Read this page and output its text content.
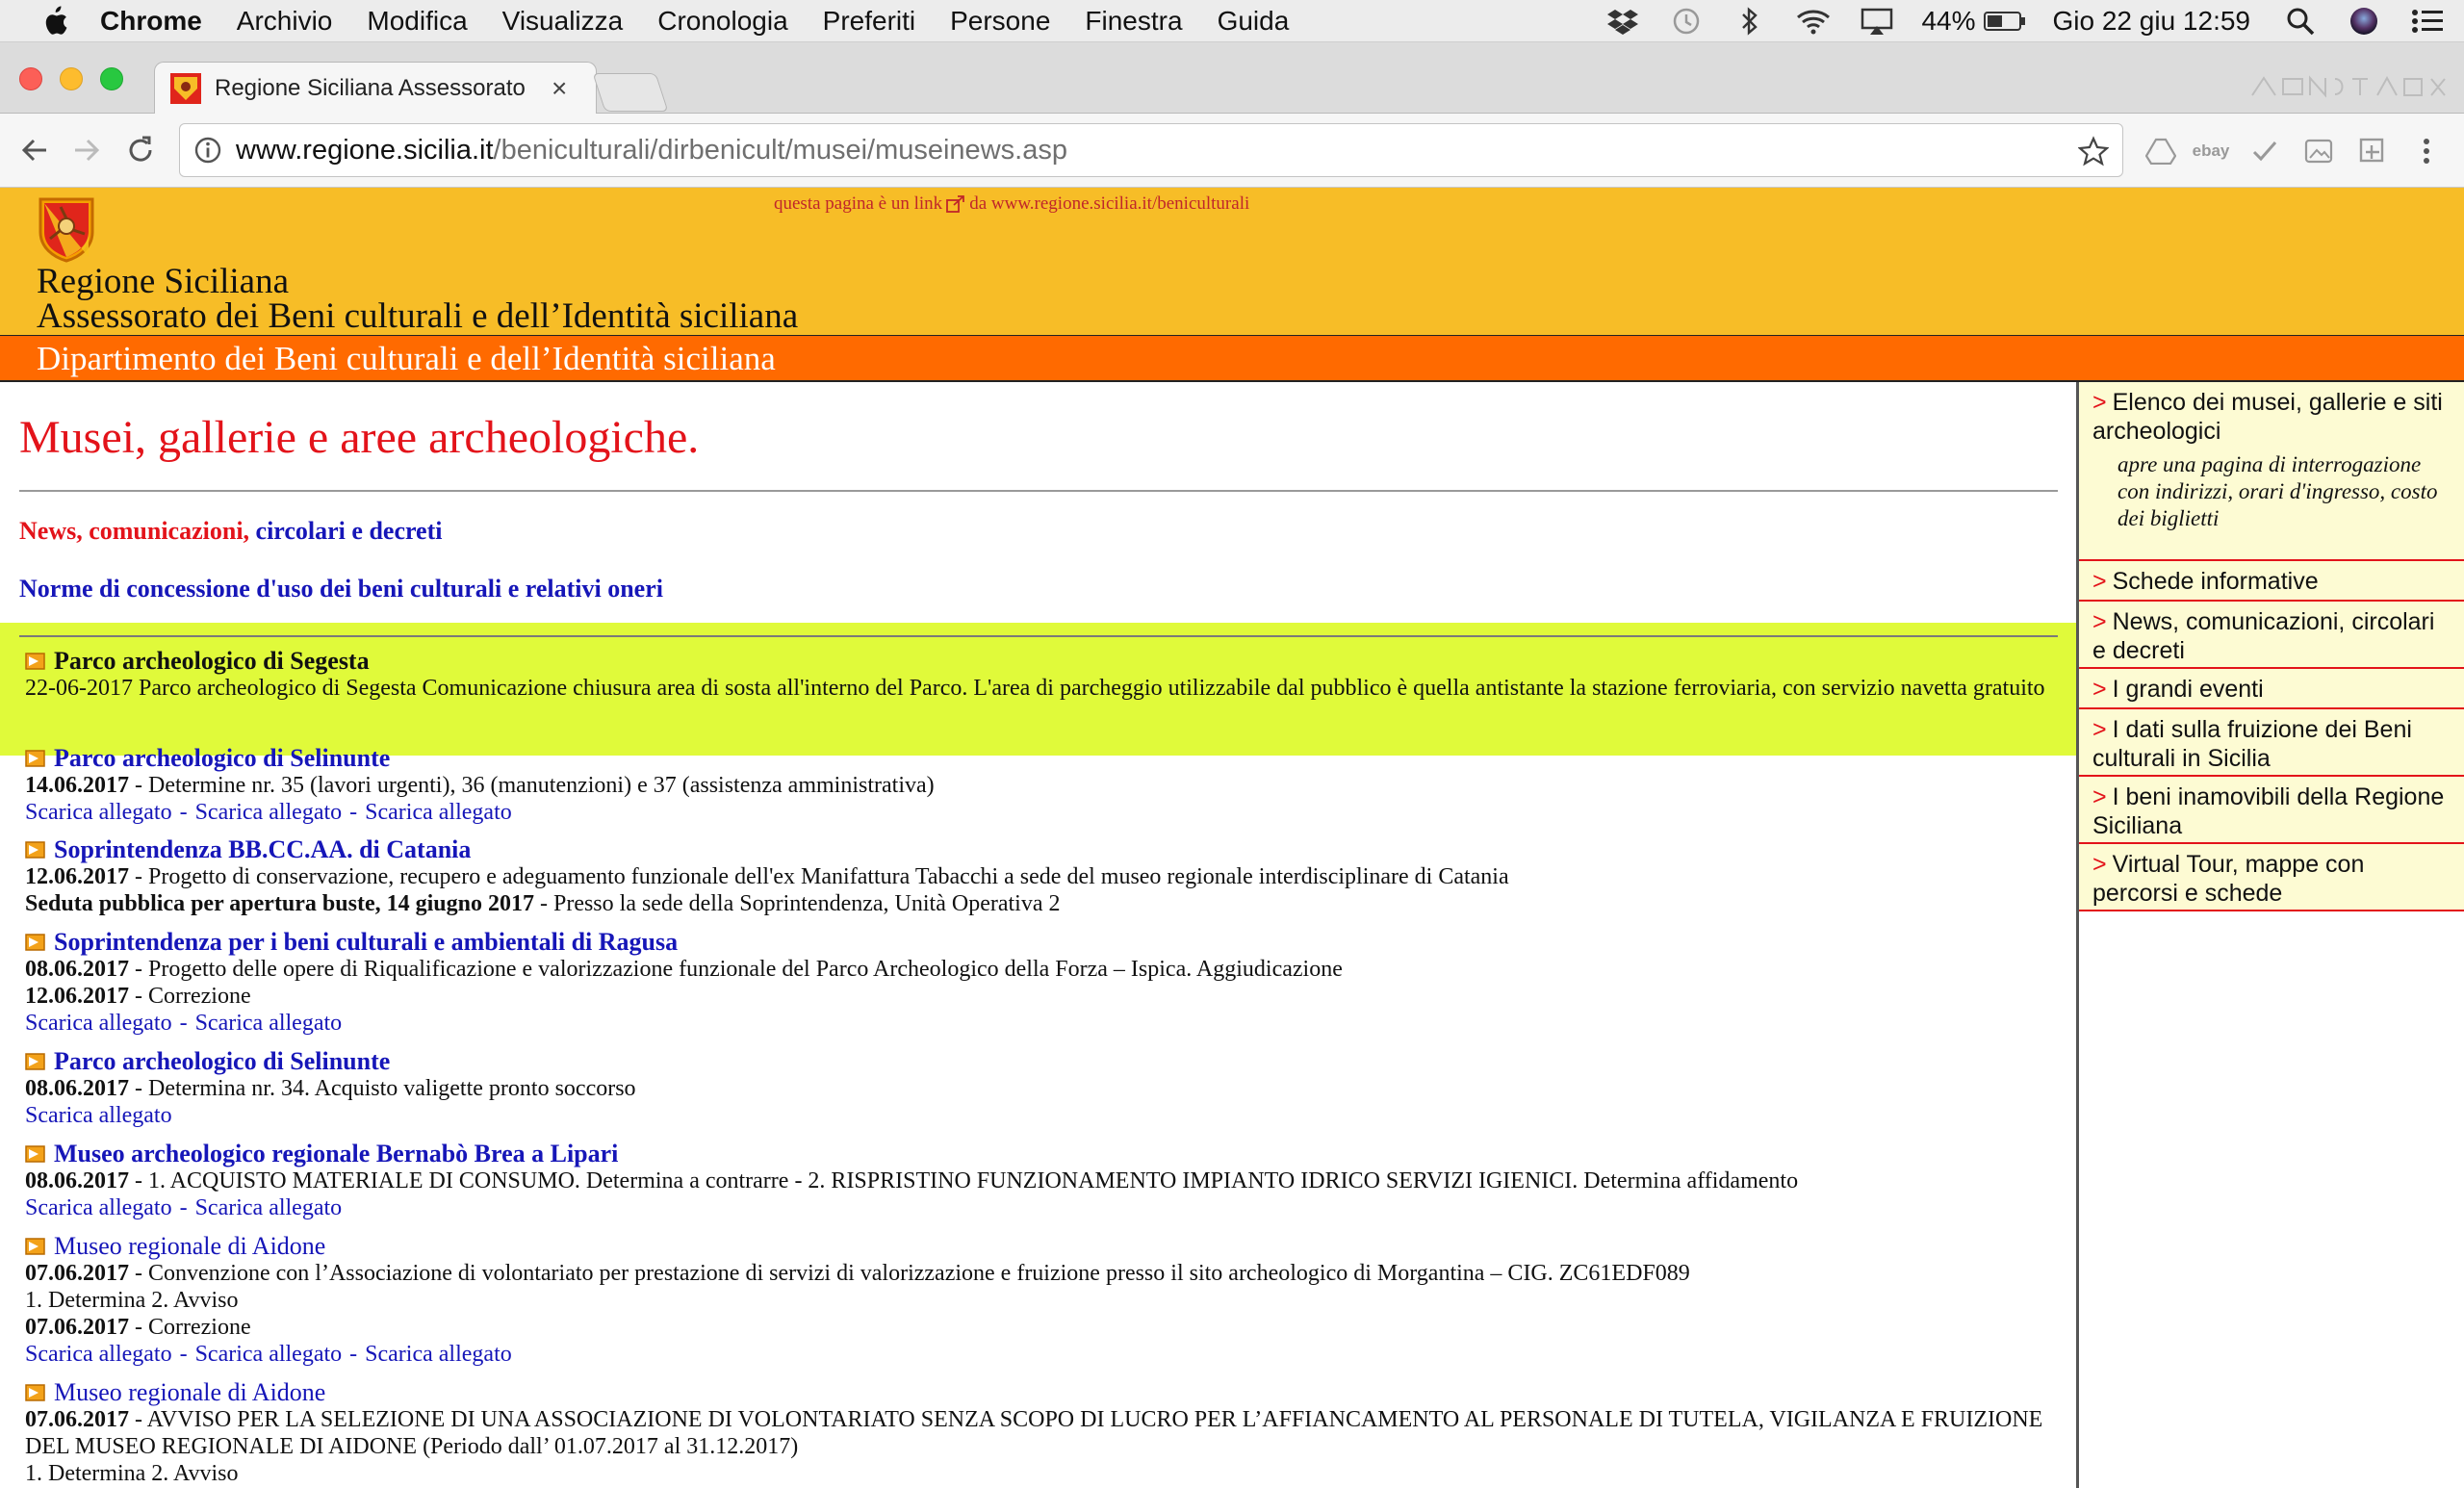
Chrome Archivio Modifica Visualizza Cronologia Preferiti Persone Finestra Guida	44%	Gio 22 giu 12:59
Regione Siciliana Assessorato ×
www.regione.sicilia.it/beniculturali/dirbenicult/musei/museinews.asp	ebay
Regione Siciliana
Assessorato dei Beni culturali e dell’Identità siciliana
questa pagina è un link da www.regione.sicilia.it/beniculturali
Dipartimento dei Beni culturali e dell’Identità siciliana
Musei, gallerie e aree archeologiche.
News, comunicazioni, circolari e decreti
Norme di concessione d'uso dei beni culturali e relativi oneri
Parco archeologico di Segesta
22-06-2017 Parco archeologico di Segesta Comunicazione chiusura area di sosta all'interno del Parco. L'area di parcheggio utilizzabile dal pubblico è quella antistante la stazione ferroviaria, con servizio navetta gratuito
Parco archeologico di Selinunte
14.06.2017 - Determine nr. 35 (lavori urgenti), 36 (manutenzioni) e 37 (assistenza amministrativa)
Scarica allegato - Scarica allegato - Scarica allegato
Soprintendenza BB.CC.AA. di Catania
12.06.2017 - Progetto di conservazione, recupero e adeguamento funzionale dell'ex Manifattura Tabacchi a sede del museo regionale interdisciplinare di Catania
Seduta pubblica per apertura buste, 14 giugno 2017 - Presso la sede della Soprintendenza, Unità Operativa 2
Soprintendenza per i beni culturali e ambientali di Ragusa
08.06.2017 - Progetto delle opere di Riqualificazione e valorizzazione funzionale del Parco Archeologico della Forza – Ispica. Aggiudicazione
12.06.2017 - Correzione
Scarica allegato - Scarica allegato
Parco archeologico di Selinunte
08.06.2017 - Determina nr. 34. Acquisto valigette pronto soccorso
Scarica allegato
Museo archeologico regionale Bernabò Brea a Lipari
08.06.2017 - 1. ACQUISTO MATERIALE DI CONSUMO. Determina a contrarre - 2. RISPRISTINO FUNZIONAMENTO IMPIANTO IDRICO SERVIZI IGIENICI. Determina affidamento
Scarica allegato - Scarica allegato
Museo regionale di Aidone
07.06.2017 - Convenzione con l’Associazione di volontariato per prestazione di servizi di valorizzazione e fruizione presso il sito archeologico di Morgantina – CIG. ZC61EDF089
1. Determina 2. Avviso
07.06.2017 - Correzione
Scarica allegato - Scarica allegato - Scarica allegato
Museo regionale di Aidone
07.06.2017 - AVVISO PER LA SELEZIONE DI UNA ASSOCIAZIONE DI VOLONTARIATO SENZA SCOPO DI LUCRO PER L’AFFIANCAMENTO AL PERSONALE DI TUTELA, VIGILANZA E FRUIZIONE DEL MUSEO REGIONALE DI AIDONE (Periodo dall’ 01.07.2017 al 31.12.2017)
1. Determina 2. Avviso
> Elenco dei musei, gallerie e siti archeologici
apre una pagina di interrogazione con indirizzi, orari d'ingresso, costo dei biglietti
> Schede informative
> News, comunicazioni, circolari e decreti
> I grandi eventi
> I dati sulla fruizione dei Beni culturali in Sicilia
> I beni inamovibili della Regione Siciliana
> Virtual Tour, mappe con percorsi e schede
